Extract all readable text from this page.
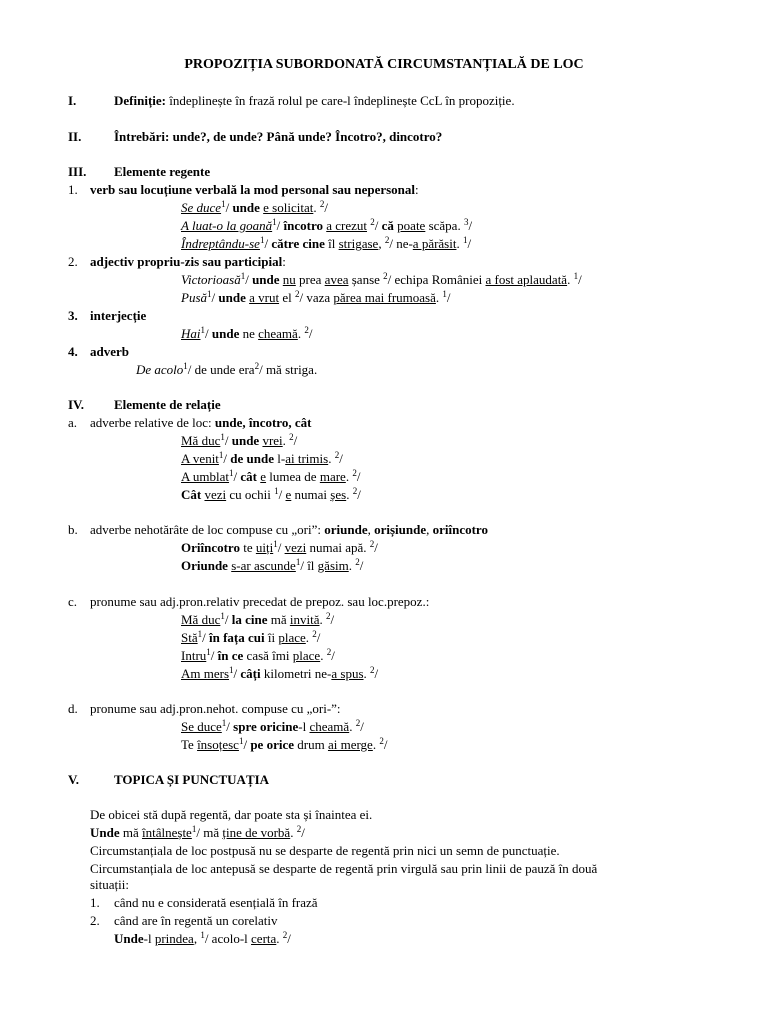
PROPOZIȚIA SUBORDONATĂ CIRCUMSTANȚIALĂ DE LOC
I.	Definiție: îndeplinește în frază rolul pe care-l îndeplinește CcL în propoziție.
II.	Întrebări: unde?, de unde? Până unde? Încotro?, dincotro?
III. Elemente regente
1. verb sau locuțiune verbală la mod personal sau nepersonal:
Se duce$^1$/ unde e solicitat. $^2$/
A luat-o la goană$^1$/ încotro a crezut $^2$/ că poate scăpa. $^3$/
Îndreptându-$se^1/$ către cine îl strigase, $^2$/ ne-a părăsit. $^1$/
2. adjectiv propriu-zis sau participial:
Victorioasă$^1$/ unde nu prea avea șanse $^2$/ echipa României a fost aplaudată. $^1$/
Pusă$^1$/ unde a vrut el $^2$/ vaza părea mai frumoasă. $^1$/
3. interjecție
Hai$^1$/ unde ne cheamă. $^2$/
4. adverb
De acolo$^1$/ de unde era$^2$/ mă striga.
IV. Elemente de relație
a. adverbe relative de loc: unde, încotro, cât
Mă duc$^1$/ unde vrei. $^2$/
A venit$^1$/ de unde l-ai trimis. $^2$/
A umblat$^1$/ cât e lumea de mare. $^2$/
Cât vezi cu ochii $^1$/ e numai șes. $^2$/
b. adverbe nehotărâte de loc compuse cu „ori”: oriunde, orișiunde, oriîncotro
Oriîncotro te uiți$^1$/ vezi numai apă. $^2$/
Oriunde s-ar ascunde$^1$/ îl găsim. $^2$/
c. pronume sau adj.pron.relativ precedat de prepoz. sau loc.prepoz.:
Mă duc$^1$/ la cine mă invită. $^2$/
Stă$^1$/ în fața cui îi place. $^2$/
Intru$^1$/ în ce casă îmi place. $^2$/
Am mers$^1$/ câți kilometri ne-a spus. $^2$/
d. pronume sau adj.pron.nehot. compuse cu „ori-”:
Se duce$^1$/ spre oricine-l cheamă. $^2$/
Te însoțesc$^1$/ pe orice drum ai merge. $^2$/
V.	TOPICA ȘI PUNCTUAȚIA
De obicei stă după regentă, dar poate sta și înaintea ei.
Unde mă întâlnește$^1$/ mă ține de vorbă. $^2$/
Circumstanțiala de loc postpusă nu se desparte de regentă prin nici un semn de punctuație.
Circumstanțiala de loc antepusă se desparte de regentă prin virgulă sau prin linii de pauză în două
situații:
1. când nu e considerată esențială în frază
2. când are în regentă un corelativ
Unde-l prindea, $^1$/ acolo-l certa. $^2$/
